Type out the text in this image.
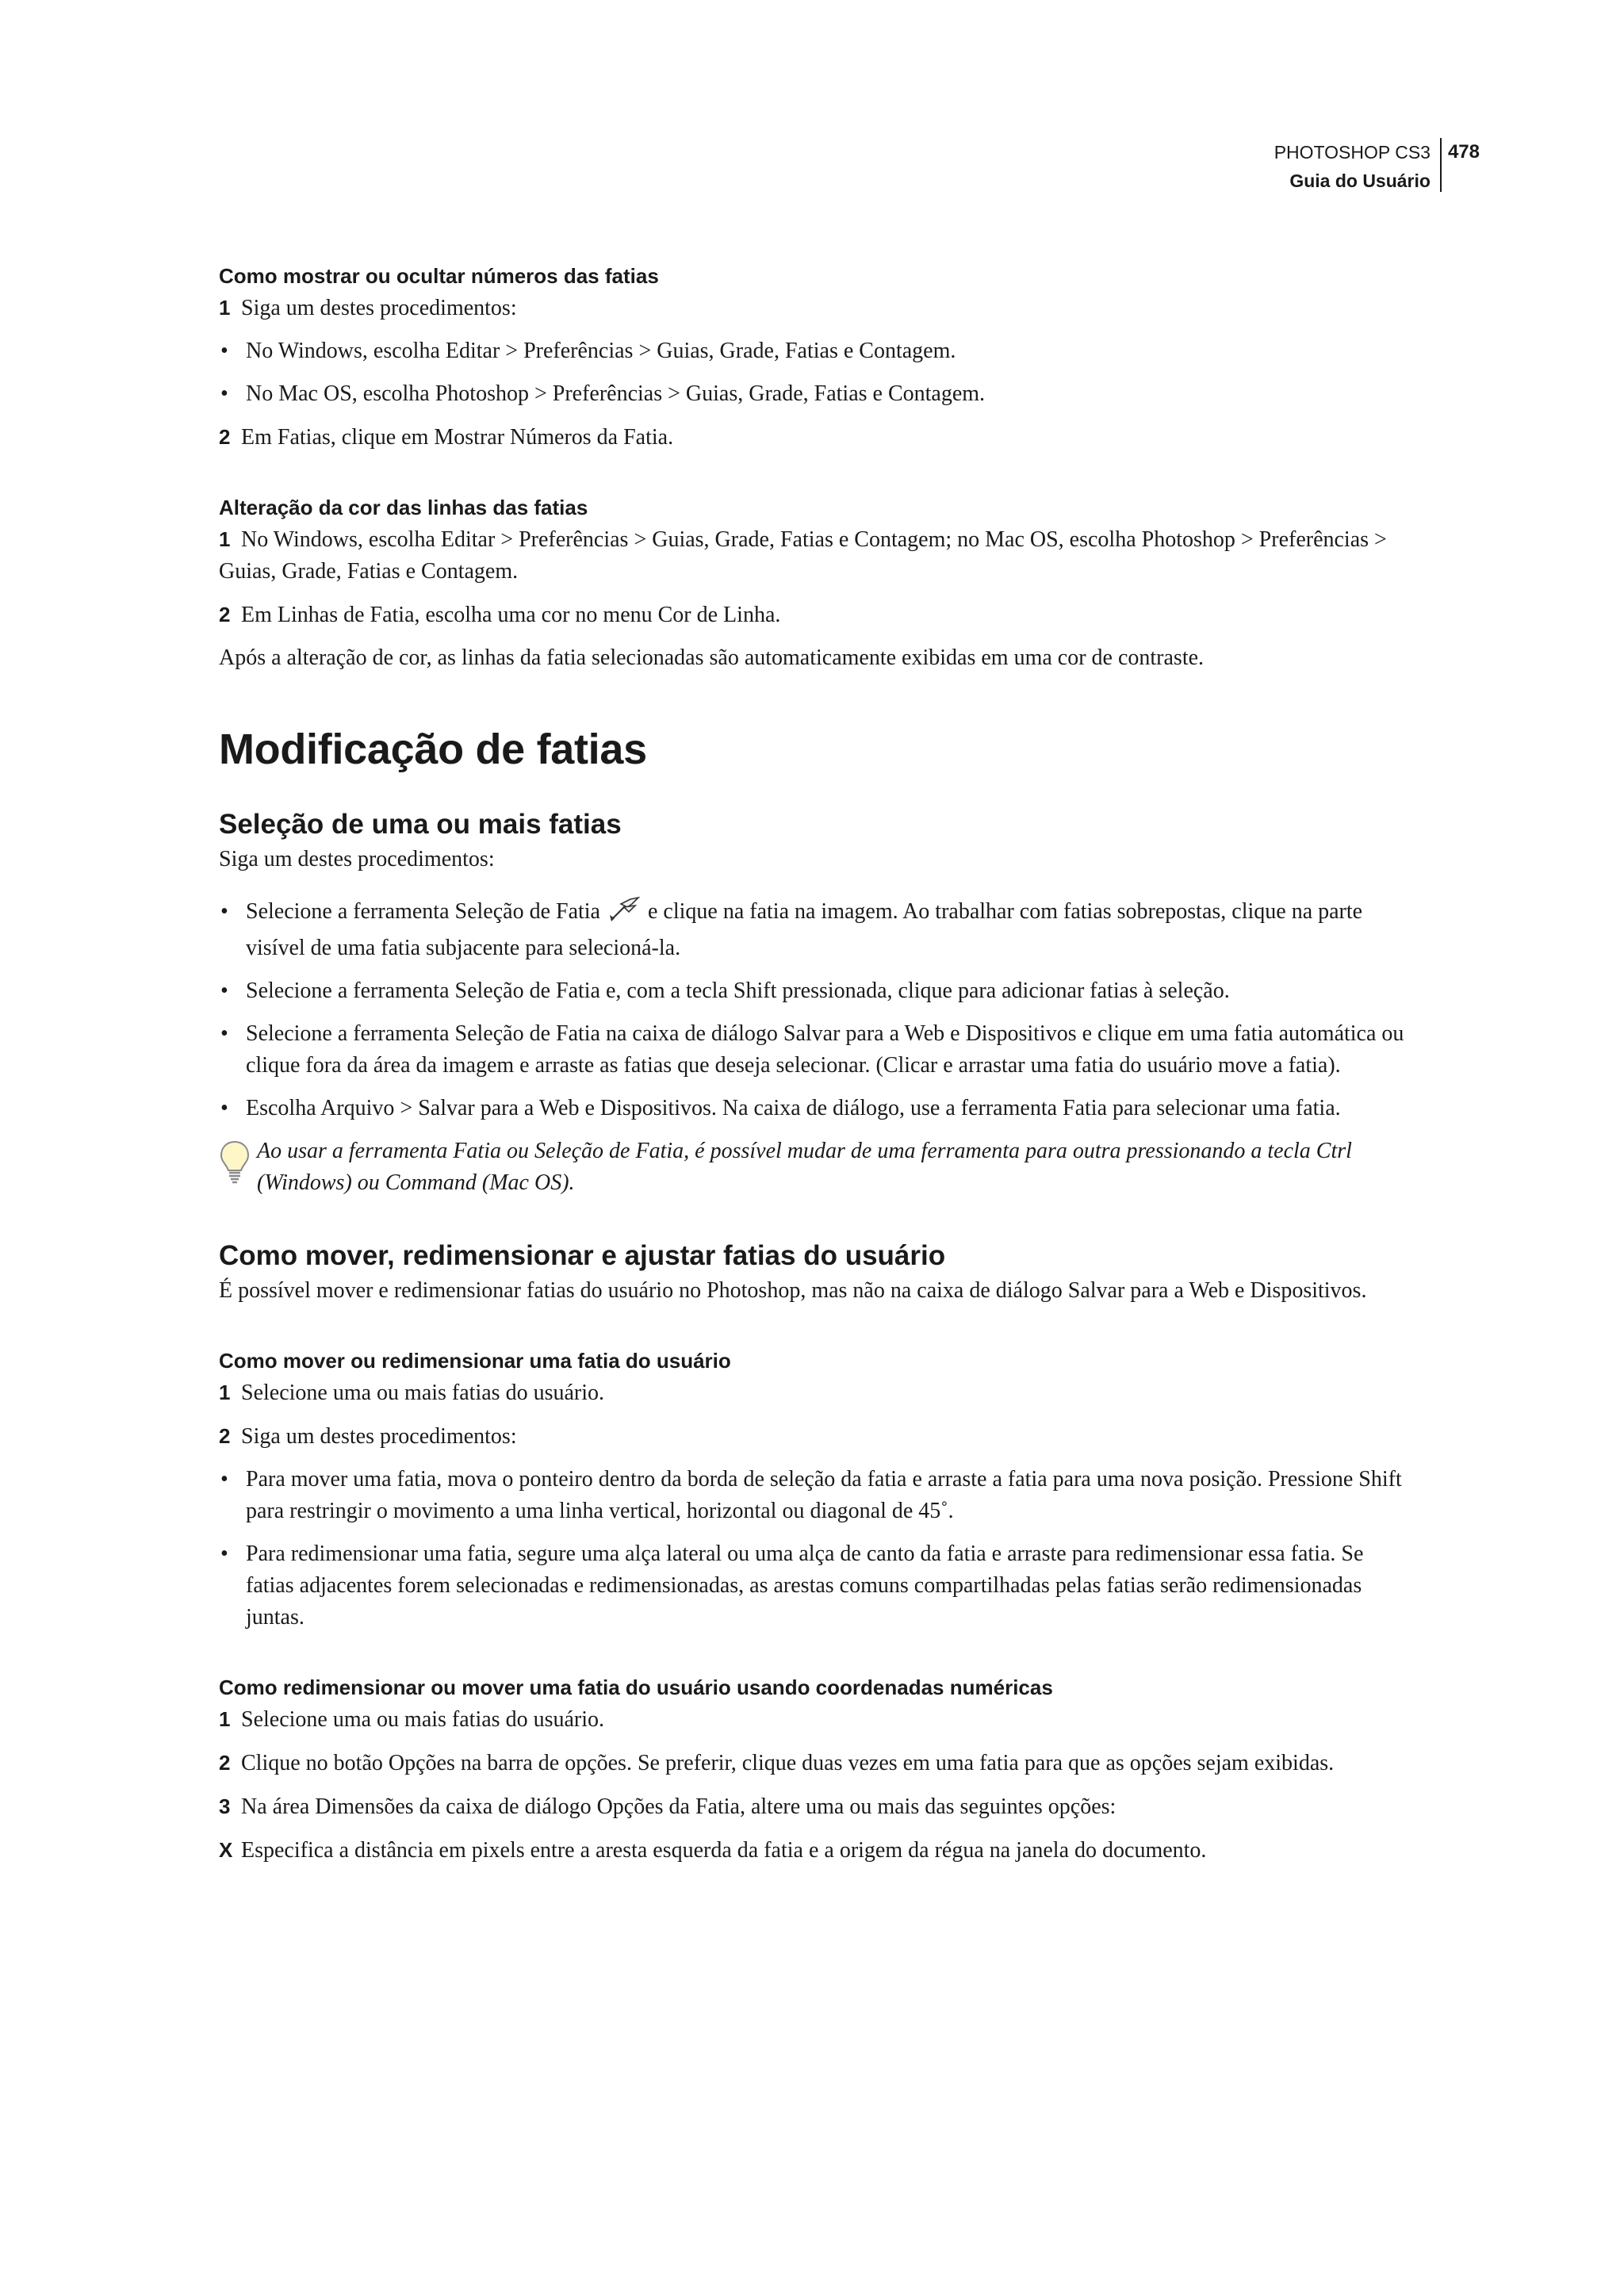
PHOTOSHOP CS3
Guia do Usuário
478
Como mostrar ou ocultar números das fatias
1 Siga um destes procedimentos:
• No Windows, escolha Editar > Preferências > Guias, Grade, Fatias e Contagem.
• No Mac OS, escolha Photoshop > Preferências > Guias, Grade, Fatias e Contagem.
2 Em Fatias, clique em Mostrar Números da Fatia.
Alteração da cor das linhas das fatias
1 No Windows, escolha Editar > Preferências > Guias, Grade, Fatias e Contagem; no Mac OS, escolha Photoshop > Preferências > Guias, Grade, Fatias e Contagem.
2 Em Linhas de Fatia, escolha uma cor no menu Cor de Linha.

Após a alteração de cor, as linhas da fatia selecionadas são automaticamente exibidas em uma cor de contraste.

Modificação de fatias
Seleção de uma ou mais fatias

Siga um destes procedimentos:

• Selecione a ferramenta Seleção de Fatia e clique na fatia na imagem. Ao trabalhar com fatias sobrepostas, clique na parte visível de uma fatia subjacente para selecioná-la.
• Selecione a ferramenta Seleção de Fatia e, com a tecla Shift pressionada, clique para adicionar fatias à seleção.
• Selecione a ferramenta Seleção de Fatia na caixa de diálogo Salvar para a Web e Dispositivos e clique em uma fatia automática ou clique fora da área da imagem e arraste as fatias que deseja selecionar. (Clicar e arrastar uma fatia do usuário move a fatia).
• Escolha Arquivo > Salvar para a Web e Dispositivos. Na caixa de diálogo, use a ferramenta Fatia para selecionar uma fatia.
Ao usar a ferramenta Fatia ou Seleção de Fatia, é possível mudar de uma ferramenta para outra pressionando a tecla Ctrl (Windows) ou Command (Mac OS).
Como mover, redimensionar e ajustar fatias do usuário

É possível mover e redimensionar fatias do usuário no Photoshop, mas não na caixa de diálogo Salvar para a Web e Dispositivos.

Como mover ou redimensionar uma fatia do usuário
1 Selecione uma ou mais fatias do usuário.
2 Siga um destes procedimentos:
• Para mover uma fatia, mova o ponteiro dentro da borda de seleção da fatia e arraste a fatia para uma nova posição. Pressione Shift para restringir o movimento a uma linha vertical, horizontal ou diagonal de 45˚.
• Para redimensionar uma fatia, segure uma alça lateral ou uma alça de canto da fatia e arraste para redimensionar essa fatia. Se fatias adjacentes forem selecionadas e redimensionadas, as arestas comuns compartilhadas pelas fatias serão redimensionadas juntas.
Como redimensionar ou mover uma fatia do usuário usando coordenadas numéricas
1 Selecione uma ou mais fatias do usuário.
2 Clique no botão Opções na barra de opções. Se preferir, clique duas vezes em uma fatia para que as opções sejam exibidas.
3 Na área Dimensões da caixa de diálogo Opções da Fatia, altere uma ou mais das seguintes opções:
X Especifica a distância em pixels entre a aresta esquerda da fatia e a origem da régua na janela do documento.
